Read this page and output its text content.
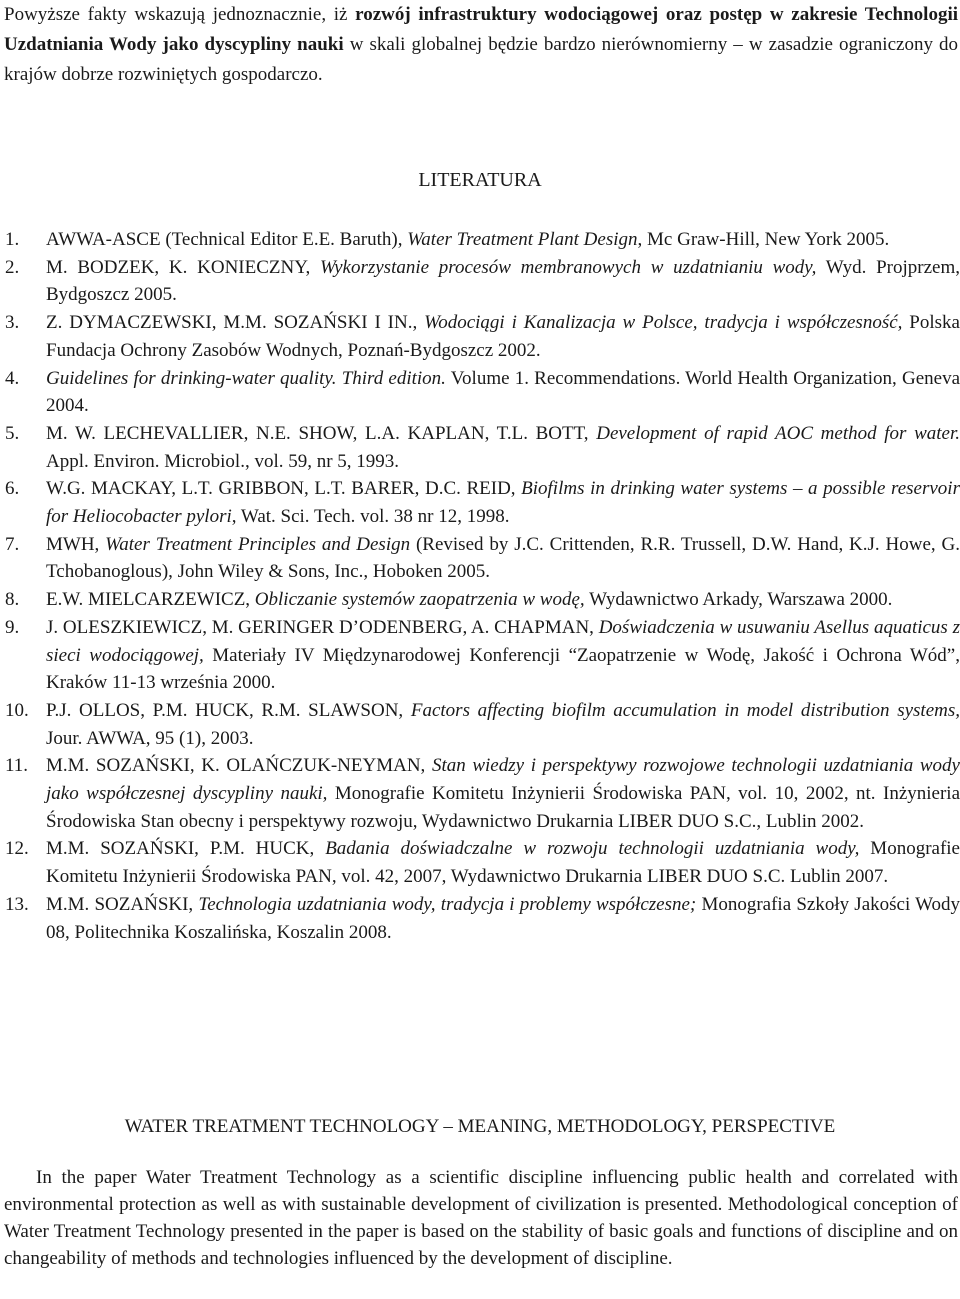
Powyższe fakty wskazują jednoznacznie, iż rozwój infrastruktury wodociągowej oraz postęp w zakresie Technologii Uzdatniania Wody jako dyscypliny nauki w skali globalnej będzie bardzo nierównomierny – w zasadzie ograniczony do krajów dobrze rozwiniętych gospodarczo.

LITERATURA
1. AWWA-ASCE (Technical Editor E.E. Baruth), Water Treatment Plant Design, Mc Graw-Hill, New York 2005.
2. M. BODZEK, K. KONIECZNY, Wykorzystanie procesów membranowych w uzdatnianiu wody, Wyd. Projprzem, Bydgoszcz 2005.
3. Z. DYMACZEWSKI, M.M. SOZAŃSKI I IN., Wodociągi i Kanalizacja w Polsce, tradycja i współczesność, Polska Fundacja Ochrony Zasobów Wodnych, Poznań-Bydgoszcz 2002.
4. Guidelines for drinking-water quality. Third edition. Volume 1. Recommendations. World Health Organization, Geneva 2004.
5. M. W. LECHEVALLIER, N.E. SHOW, L.A. KAPLAN, T.L. BOTT, Development of rapid AOC method for water. Appl. Environ. Microbiol., vol. 59, nr 5, 1993.
6. W.G. MACKAY, L.T. GRIBBON, L.T. BARER, D.C. REID, Biofilms in drinking water systems – a possible reservoir for Heliocobacter pylori, Wat. Sci. Tech. vol. 38 nr 12, 1998.
7. MWH, Water Treatment Principles and Design (Revised by J.C. Crittenden, R.R. Trussell, D.W. Hand, K.J. Howe, G. Tchobanoglous), John Wiley & Sons, Inc., Hoboken 2005.
8. E.W. MIELCARZEWICZ, Obliczanie systemów zaopatrzenia w wodę, Wydawnictwo Arkady, Warszawa 2000.
9. J. OLESZKIEWICZ, M. GERINGER D’ODENBERG, A. CHAPMAN, Doświadczenia w usuwaniu Asellus aquaticus z sieci wodociągowej, Materiały IV Międzynarodowej Konferencji “Zaopatrzenie w Wodę, Jakość i Ochrona Wód”, Kraków 11-13 września 2000.
10. P.J. OLLOS, P.M. HUCK, R.M. SLAWSON, Factors affecting biofilm accumulation in model distribution systems, Jour. AWWA, 95 (1), 2003.
11. M.M. SOZAŃSKI, K. OLAŃCZUK-NEYMAN, Stan wiedzy i perspektywy rozwojowe technologii uzdatniania wody jako współczesnej dyscypliny nauki, Monografie Komitetu Inżynierii Środowiska PAN, vol. 10, 2002, nt. Inżynieria Środowiska Stan obecny i perspektywy rozwoju, Wydawnictwo Drukarnia LIBER DUO S.C., Lublin 2002.
12. M.M. SOZAŃSKI, P.M. HUCK, Badania doświadczalne w rozwoju technologii uzdatniania wody, Monografie Komitetu Inżynierii Środowiska PAN, vol. 42, 2007, Wydawnictwo Drukarnia LIBER DUO S.C. Lublin 2007.
13. M.M. SOZAŃSKI, Technologia uzdatniania wody, tradycja i problemy współczesne; Monografia Szkoły Jakości Wody 08, Politechnika Koszalińska, Koszalin 2008.
WATER TREATMENT TECHNOLOGY – MEANING, METHODOLOGY, PERSPECTIVE

In the paper Water Treatment Technology as a scientific discipline influencing public health and correlated with environmental protection as well as with sustainable development of civilization is presented. Methodological conception of Water Treatment Technology presented in the paper is based on the stability of basic goals and functions of discipline and on changeability of methods and technologies influenced by the development of discipline.
